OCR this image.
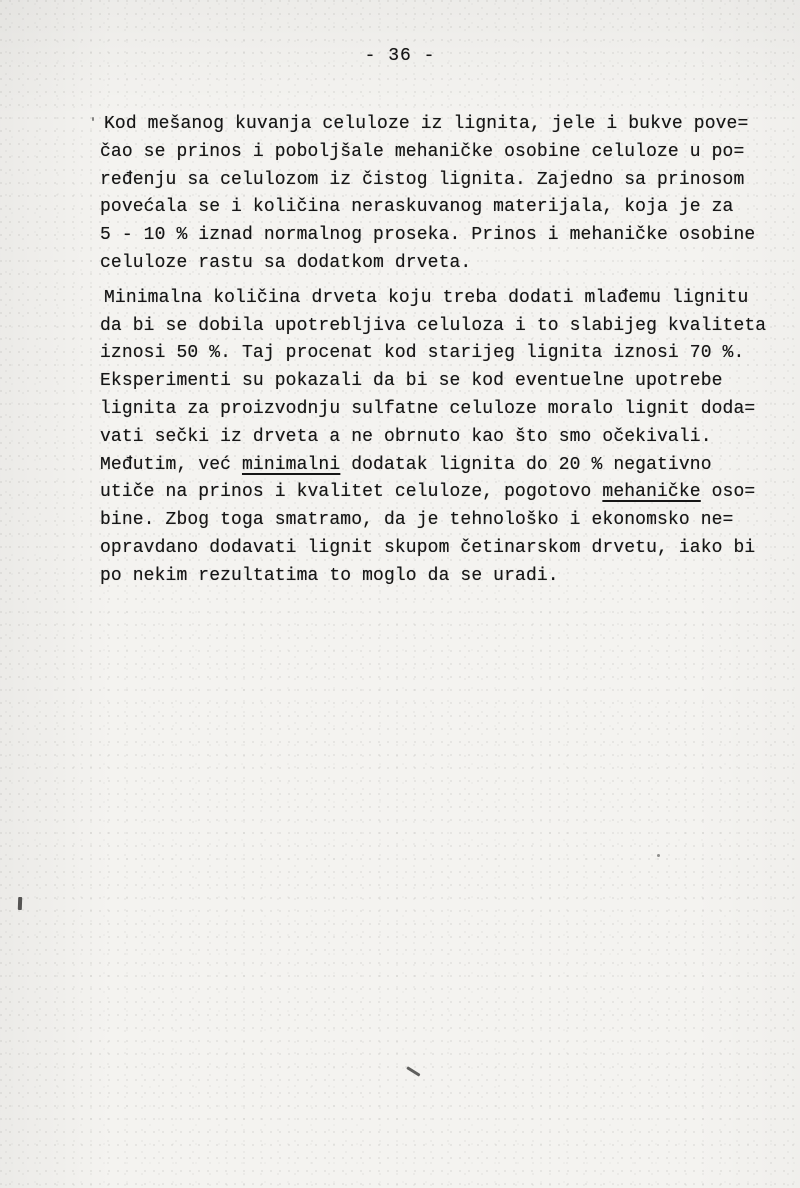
- 36 -
Kod mešanog kuvanja celuloze iz lignita, jele i bukve pove=
čao se prinos i poboljšale mehaničke osobine celuloze u po=
ređenju sa celulozom iz čistog lignita. Zajedno sa prinosom
povećala se i količina neraskuvanog materijala, koja je za
5 - 10 % iznad normalnog proseka. Prinos i mehaničke osobine
celuloze rastu sa dodatkom drveta.
Minimalna količina drveta koju treba dodati mlađemu lignitu
da bi se dobila upotrebljiva celuloza i to slabijeg kvaliteta
iznosi 50 %. Taj procenat kod starijeg lignita iznosi 70 %.
Eksperimenti su pokazali da bi se kod eventuelne upotrebe
lignita za proizvodnju sulfatne celuloze moralo lignit doda=
vati sečki iz drveta a ne obrnuto kao što smo očekivali.
Međutim, već minimalni dodatak lignita do 20 % negativno
utiče na prinos i kvalitet celuloze, pogotovo mehaničke oso=
bine. Zbog toga smatramo, da je tehnološko i ekonomsko ne=
opravdano dodavati lignit skupom četinarskom drvetu, iako bi
po nekim rezultatima to moglo da se uradi.
